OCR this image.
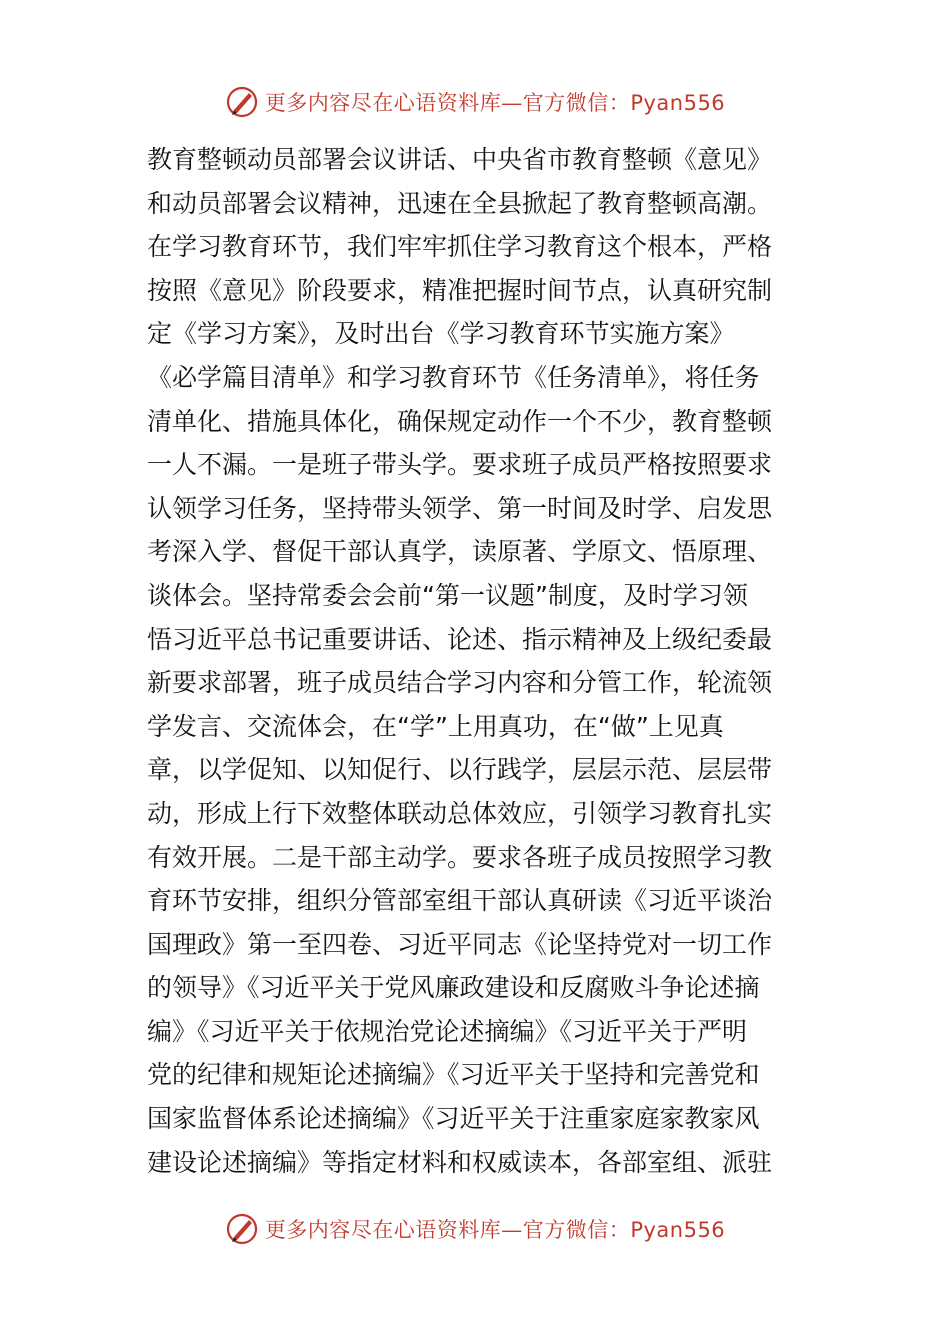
更多内容尽在心语资料库—官方微信：Pyan556
教育整顿动员部署会议讲话、中央省市教育整顿《意见》
和动员部署会议精神，迅速在全县掀起了教育整顿高潮。
在学习教育环节，我们牢牢抓住学习教育这个根本，严格
按照《意见》阶段要求，精准把握时间节点，认真研究制
定《学习方案》，及时出台《学习教育环节实施方案》
《必学篇目清单》和学习教育环节《任务清单》，将任务
清单化、措施具体化，确保规定动作一个不少，教育整顿
一人不漏。一是班子带头学。要求班子成员严格按照要求
认领学习任务，坚持带头领学、第一时间及时学、启发思
考深入学、督促干部认真学，读原著、学原文、悟原理、
谈体会。坚持常委会会前“第一议题”制度，及时学习领
悟习近平总书记重要讲话、论述、指示精神及上级纪委最
新要求部署，班子成员结合学习内容和分管工作，轮流领
学发言、交流体会，在“学”上用真功，在“做”上见真
章，以学促知、以知促行、以行践学，层层示范、层层带
动，形成上行下效整体联动总体效应，引领学习教育扎实
有效开展。二是干部主动学。要求各班子成员按照学习教
育环节安排，组织分管部室组干部认真研读《习近平谈治
国理政》第一至四卷、习近平同志《论坚持党对一切工作
的领导》《习近平关于党风廉政建设和反腐败斗争论述摘
编》《习近平关于依规治党论述摘编》《习近平关于严明
党的纪律和规矩论述摘编》《习近平关于坚持和完善党和
国家监督体系论述摘编》《习近平关于注重家庭家教家风
建设论述摘编》等指定材料和权威读本，各部室组、派驻
更多内容尽在心语资料库—官方微信：Pyan556
